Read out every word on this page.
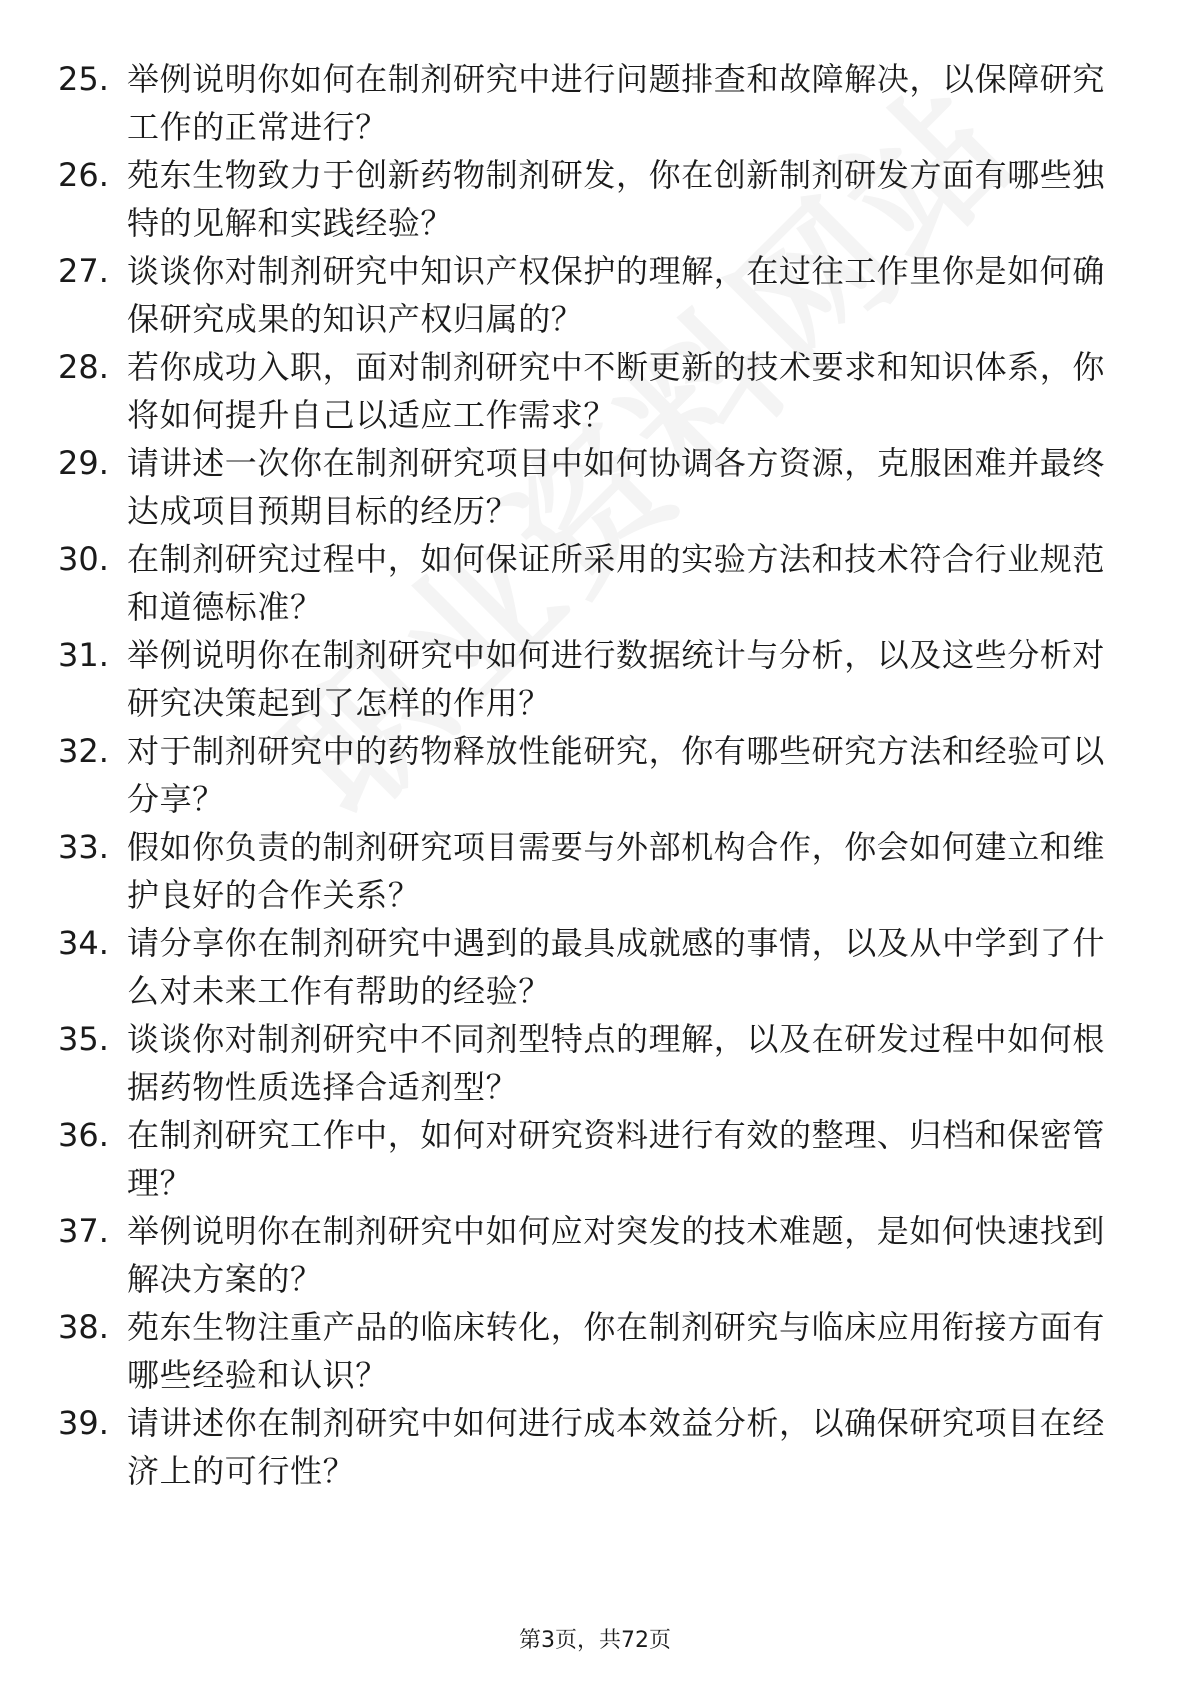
25. 举例说明你如何在制剂研究中进行问题排查和故障解决，以保障研究工作的正常进行？
26. 苑东生物致力于创新药物制剂研发，你在创新制剂研发方面有哪些独特的见解和实践经验？
27. 谈谈你对制剂研究中知识产权保护的理解，在过往工作里你是如何确保研究成果的知识产权归属的？
28. 若你成功入职，面对制剂研究中不断更新的技术要求和知识体系，你将如何提升自己以适应工作需求？
29. 请讲述一次你在制剂研究项目中如何协调各方资源，克服困难并最终达成项目预期目标的经历？
30. 在制剂研究过程中，如何保证所采用的实验方法和技术符合行业规范和道德标准？
31. 举例说明你在制剂研究中如何进行数据统计与分析，以及这些分析对研究决策起到了怎样的作用？
32. 对于制剂研究中的药物释放性能研究，你有哪些研究方法和经验可以分享？
33. 假如你负责的制剂研究项目需要与外部机构合作，你会如何建立和维护良好的合作关系？
34. 请分享你在制剂研究中遇到的最具成就感的事情，以及从中学到了什么对未来工作有帮助的经验？
35. 谈谈你对制剂研究中不同剂型特点的理解，以及在研发过程中如何根据药物性质选择合适剂型？
36. 在制剂研究工作中，如何对研究资料进行有效的整理、归档和保密管理？
37. 举例说明你在制剂研究中如何应对突发的技术难题，是如何快速找到解决方案的？
38. 苑东生物注重产品的临床转化，你在制剂研究与临床应用衔接方面有哪些经验和认识？
39. 请讲述你在制剂研究中如何进行成本效益分析，以确保研究项目在经济上的可行性？
第3页，共72页
